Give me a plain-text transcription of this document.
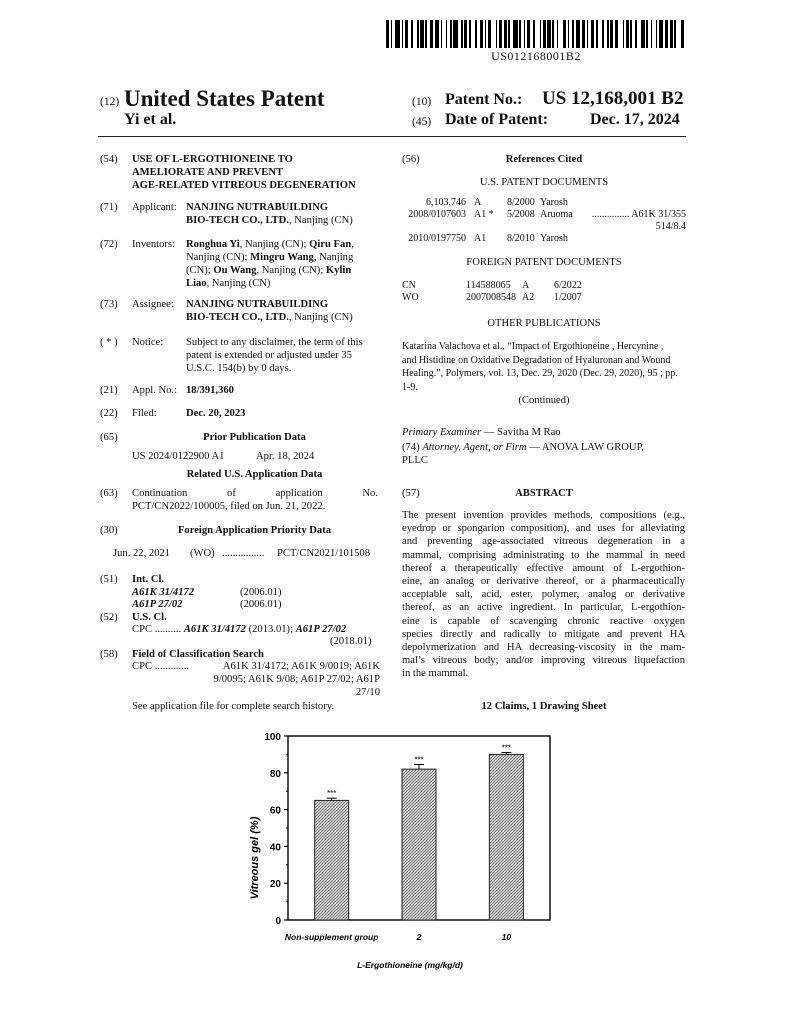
US012168001B2
(12) United States Patent
Yi et al.
(10) Patent No.: US 12,168,001 B2
(45) Date of Patent:	Dec. 17, 2024
(54) USE OF L-ERGOTHIONEINE TO
AMELIORATE AND PREVENT
AGE-RELATED VITREOUS DEGENERATION
(71) Applicant: NANJING NUTRABUILDING
BIO-TECH CO., LTD., Nanjing (CN)
(72) Inventors: Ronghua Yi, Nanjing (CN); Qiru Fan,
Nanjing (CN); Mingru Wang, Nanjing
(CN); Ou Wang, Nanjing (CN); Kylin
Liao, Nanjing (CN)
(73) Assignee: NANJING NUTRABUILDING
BIO-TECH CO., LTD., Nanjing (CN)
( * ) Notice: Subject to any disclaimer, the term of this
patent is extended or adjusted under 35
U.S.C. 154(b) by 0 days.
(21) Appl. No.: 18/391,360
(22) Filed:	Dec. 20, 2023
(65)	Prior Publication Data
US 2024/0122900 A1	Apr. 18, 2024
Related U.S. Application Data
(63) Continuation	of	application	No.
PCT/CN2022/100005, filed on Jun. 21, 2022.
(30)	Foreign Application Priority Data
Jun. 22, 2021 (WO) ................ PCT/CN2021/101508
(51) Int. Cl.
A61K 31/4172	(2006.01)
A61P 27/02	(2006.01)
(52) U.S. Cl.
CPC .......... A61K 31/4172 (2013.01); A61P 27/02
(2018.01)
(58) Field of Classification Search
CPC .............	A61K 31/4172; A61K 9/0019; A61K
9/0095; A61K 9/08; A61P 27/02; A61P
27/10
See application file for complete search history.
(56)	References Cited
U.S. PATENT DOCUMENTS
6,103,746 A	8/2000 Yarosh
2008/0107603 A1 * 5/2008 Aruoma ............... A61K 31/355
514/8.4
2010/0197750 A1 8/2010 Yarosh
FOREIGN PATENT DOCUMENTS
CN	114588065 A 6/2022
WO	2007008548 A2 1/2007
OTHER PUBLICATIONS
Katarina Valachova et al., “Impact of Ergothioneine , Hercynine ,
and Histidine on Oxidative Degradation of Hyaluronan and Wound
Healing.”, Polymers, vol. 13, Dec. 29, 2020 (Dec. 29, 2020), 95 ; pp.
1-9.
(Continued)
Primary Examiner — Savitha M Rao
(74) Attorney, Agent, or Firm — ANOVA LAW GROUP,
PLLC
(57)	ABSTRACT
The present invention provides methods, compositions (e.g.,
eyedrop or spongarion composition), and uses for alleviating
and preventing age-associated vitreous degeneration in a
mammal, comprising administrating to the mammal in need
thereof a therapeutically effective amount of L-ergothion-
eine, an analog or derivative thereof, or a pharmaceutically
acceptable salt, acid, ester, polymer, analog or derivative
thereof, as an active ingredient. In particular, L-ergothion-
eine is capable of scavenging chronic reactive oxygen
species directly and radically to mitigate and prevent HA
depolymerization and HA decreasing-viscosity in the mam-
mal’s vitreous body; and/or improving vitreous liquefaction
in the mammal.
12 Claims, 1 Drawing Sheet
0
20
40
60
80
100
***
Non-supplement group
***
2
***
10
Vitreous gel (%)
L-Ergothioneine (mg/kg/d)
